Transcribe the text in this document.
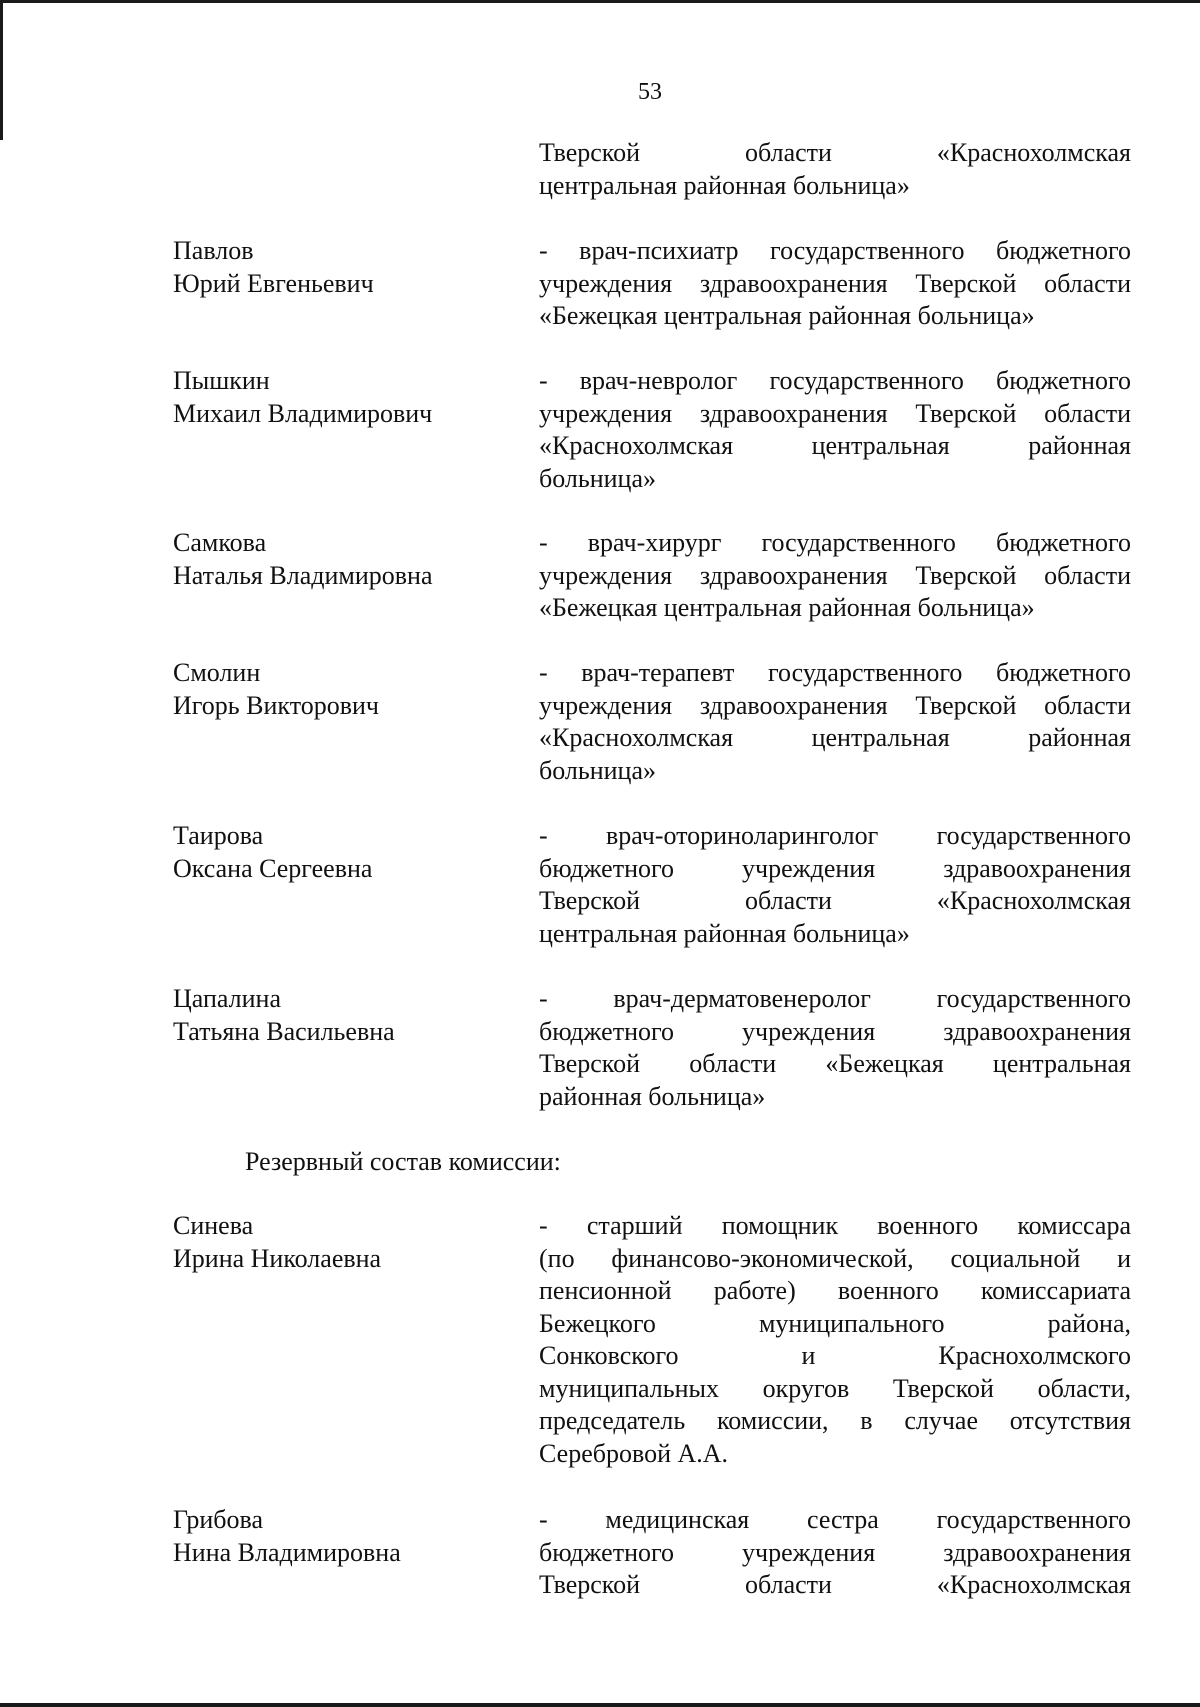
53
Тверской области «Краснохолмская
центральная районная больница»
Павлов
Юрий Евгеньевич
- врач-психиатр государственного бюджетного
учреждения здравоохранения Тверской области
«Бежецкая центральная районная больница»
Пышкин
Михаил Владимирович
- врач-невролог государственного бюджетного
учреждения здравоохранения Тверской области
«Краснохолмская центральная районная
больница»
Самкова
Наталья Владимировна
- врач-хирург государственного бюджетного
учреждения здравоохранения Тверской области
«Бежецкая центральная районная больница»
Смолин
Игорь Викторович
- врач-терапевт государственного бюджетного
учреждения здравоохранения Тверской области
«Краснохолмская центральная районная
больница»
Таирова
Оксана Сергеевна
- врач-оториноларинголог государственного
бюджетного учреждения здравоохранения
Тверской области «Краснохолмская
центральная районная больница»
Цапалина
Татьяна Васильевна
- врач-дерматовенеролог государственного
бюджетного учреждения здравоохранения
Тверской области «Бежецкая центральная
районная больница»
Резервный состав комиссии:
Синева
Ирина Николаевна
- старший помощник военного комиссара
(по финансово-экономической, социальной и
пенсионной работе) военного комиссариата
Бежецкого муниципального района,
Сонковского и Краснохолмского
муниципальных округов Тверской области,
председатель комиссии, в случае отсутствия
Серебровой А.А.
Грибова
Нина Владимировна
- медицинская сестра государственного
бюджетного учреждения здравоохранения
Тверской области «Краснохолмская
